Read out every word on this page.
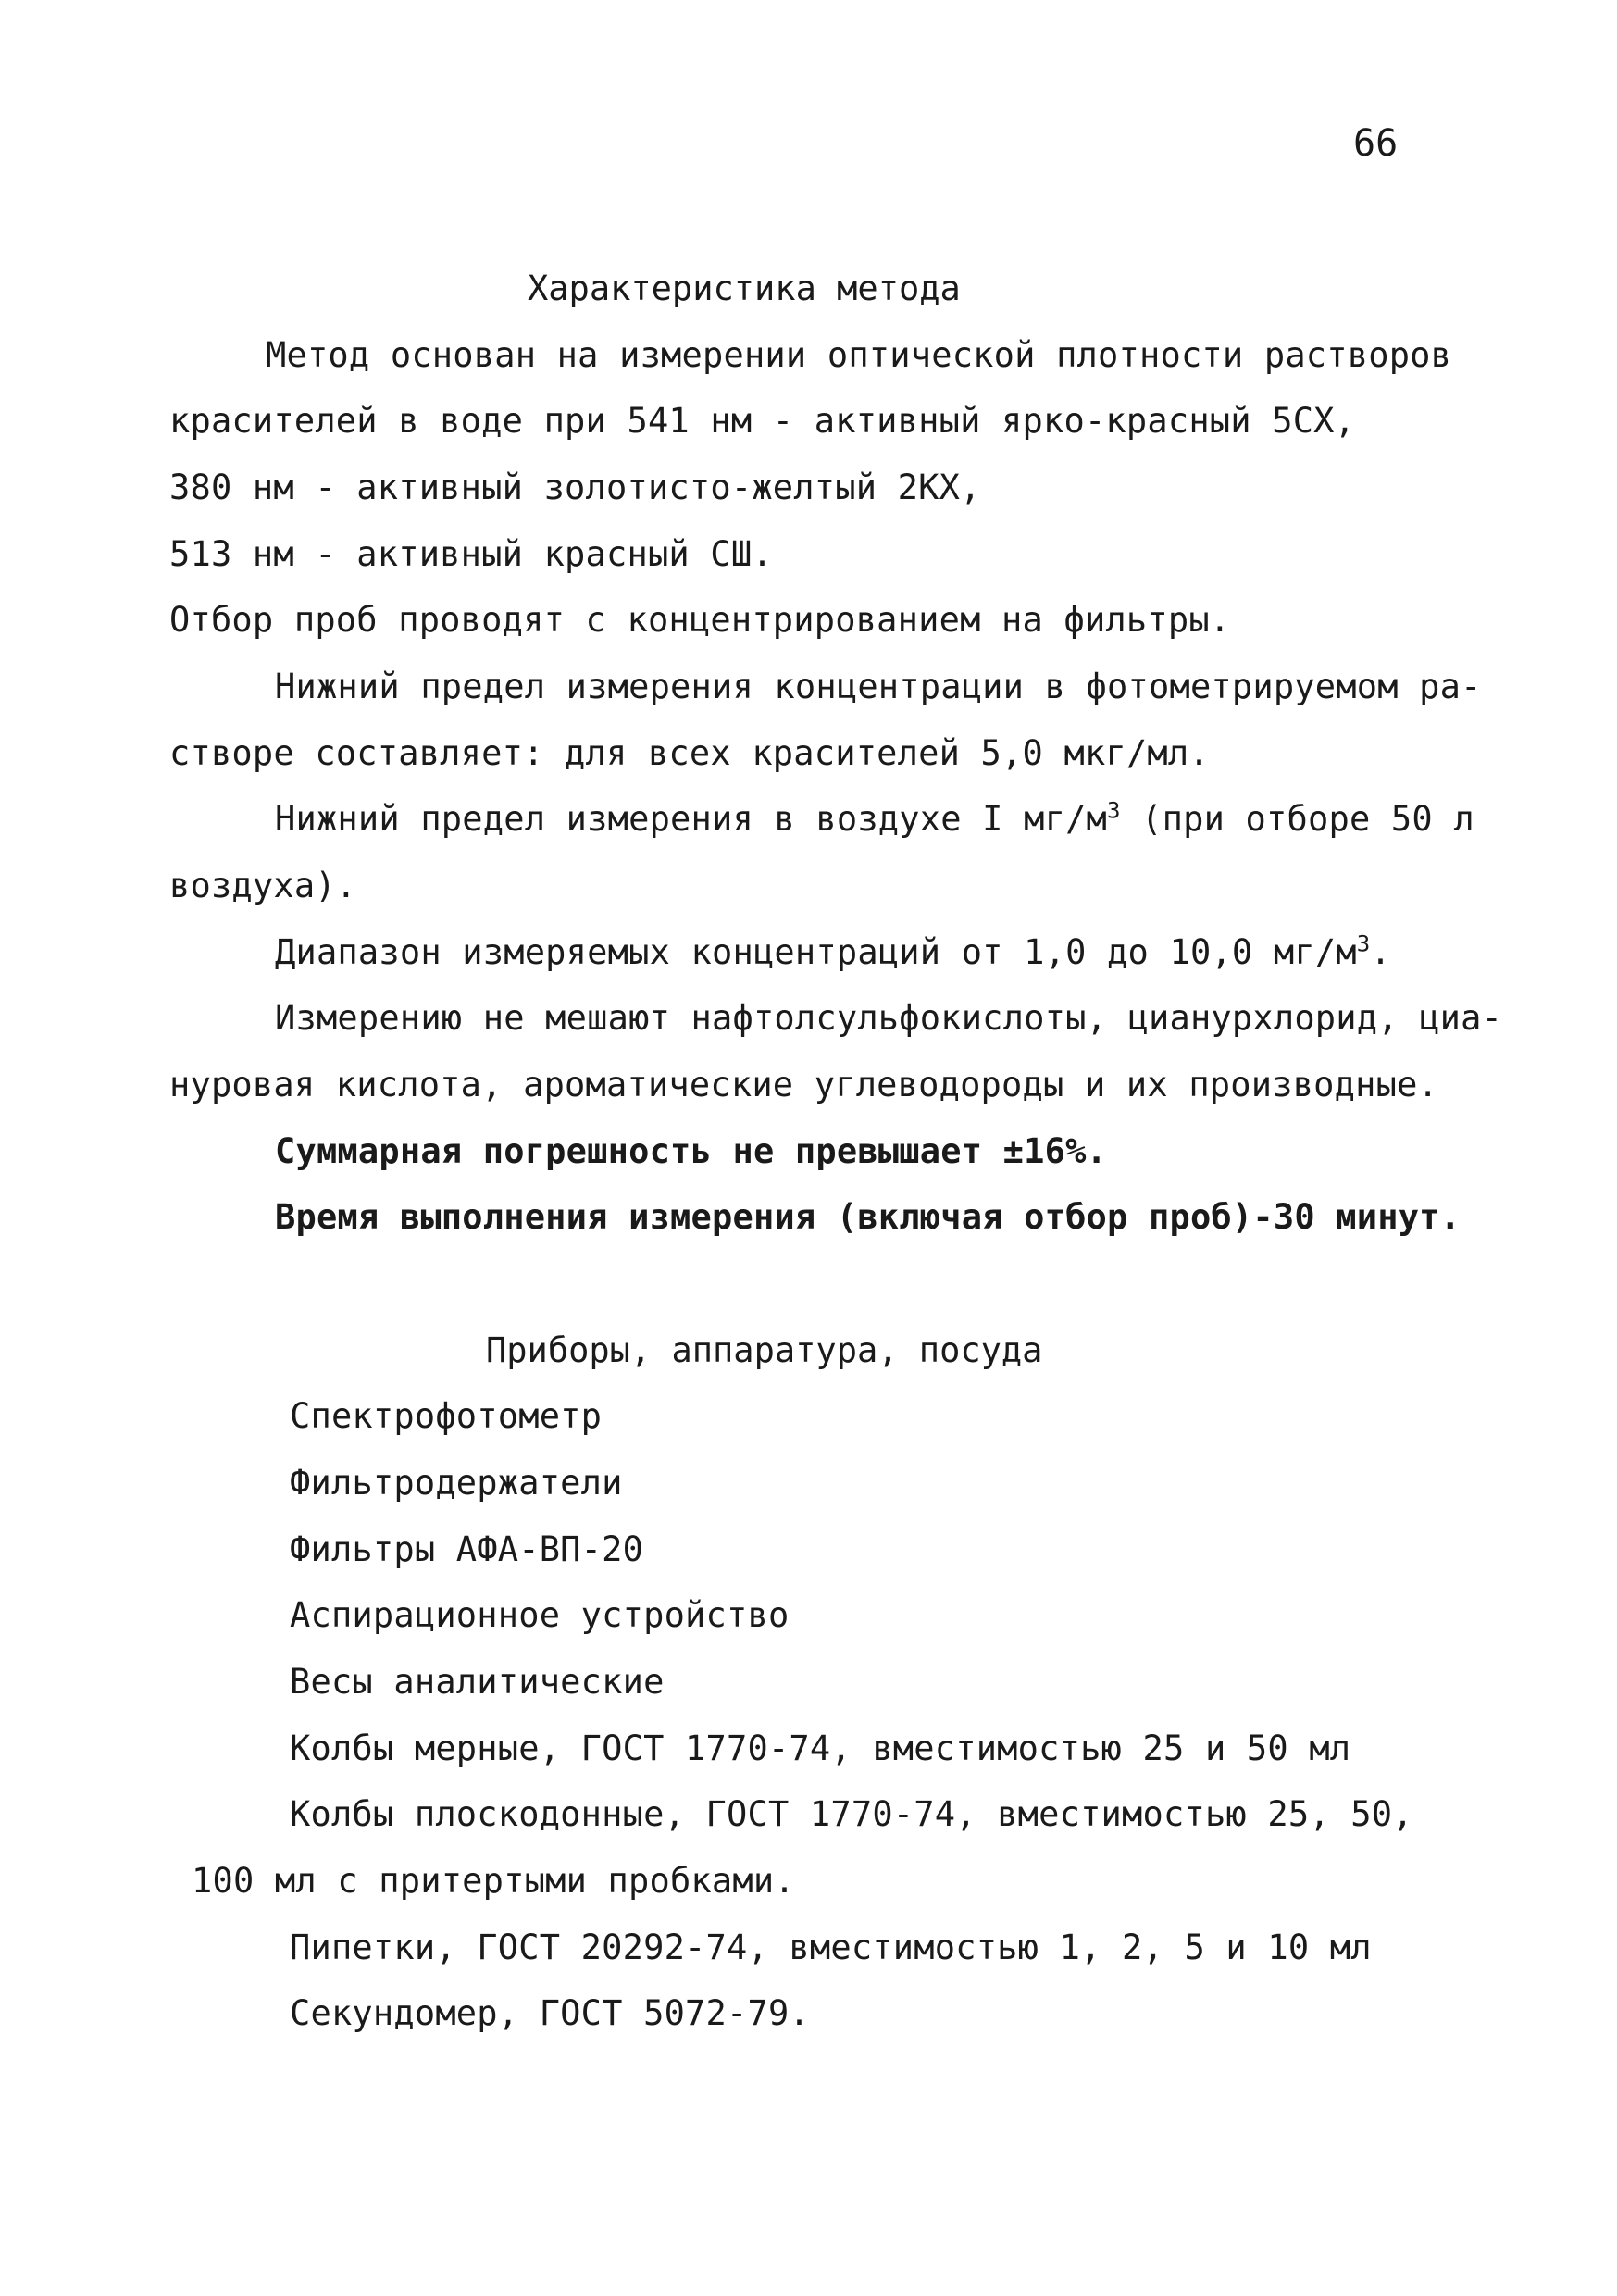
66
Характеристика метода
Метод основан на измерении оптической плотности растворов
красителей в воде при 541 нм - активный ярко-красный 5СХ,
380 нм - активный золотисто-желтый 2КХ,
513 нм - активный красный СШ.
Отбор проб проводят с концентрированием на фильтры.
Нижний предел измерения концентрации в фотометрируемом ра-
створе составляет: для всех красителей 5,0 мкг/мл.
Нижний предел измерения в воздухе I $мг/м^3$ (при отборе 50 л
воздуха).
Диапазон измеряемых концентраций от 1,0 до 10,0 $мг/м^3$.
Измерению не мешают нафтолсульфокислоты, цианурхлорид, циа-
нуровая кислота, ароматические углеводороды и их производные.
Суммарная погрешность не превышает ±16%.
Время выполнения измерения (включая отбор проб)-30 минут.
Приборы, аппаратура, посуда
Спектрофотометр
Фильтродержатели
Фильтры АФА-ВП-20
Аспирационное устройство
Весы аналитические
Колбы мерные, ГОСТ 1770-74, вместимостью 25 и 50 мл
Колбы плоскодонные, ГОСТ 1770-74, вместимостью 25, 50,
100 мл с притертыми пробками.
Пипетки, ГОСТ 20292-74, вместимостью 1, 2, 5 и 10 мл
Секундомер, ГОСТ 5072-79.
